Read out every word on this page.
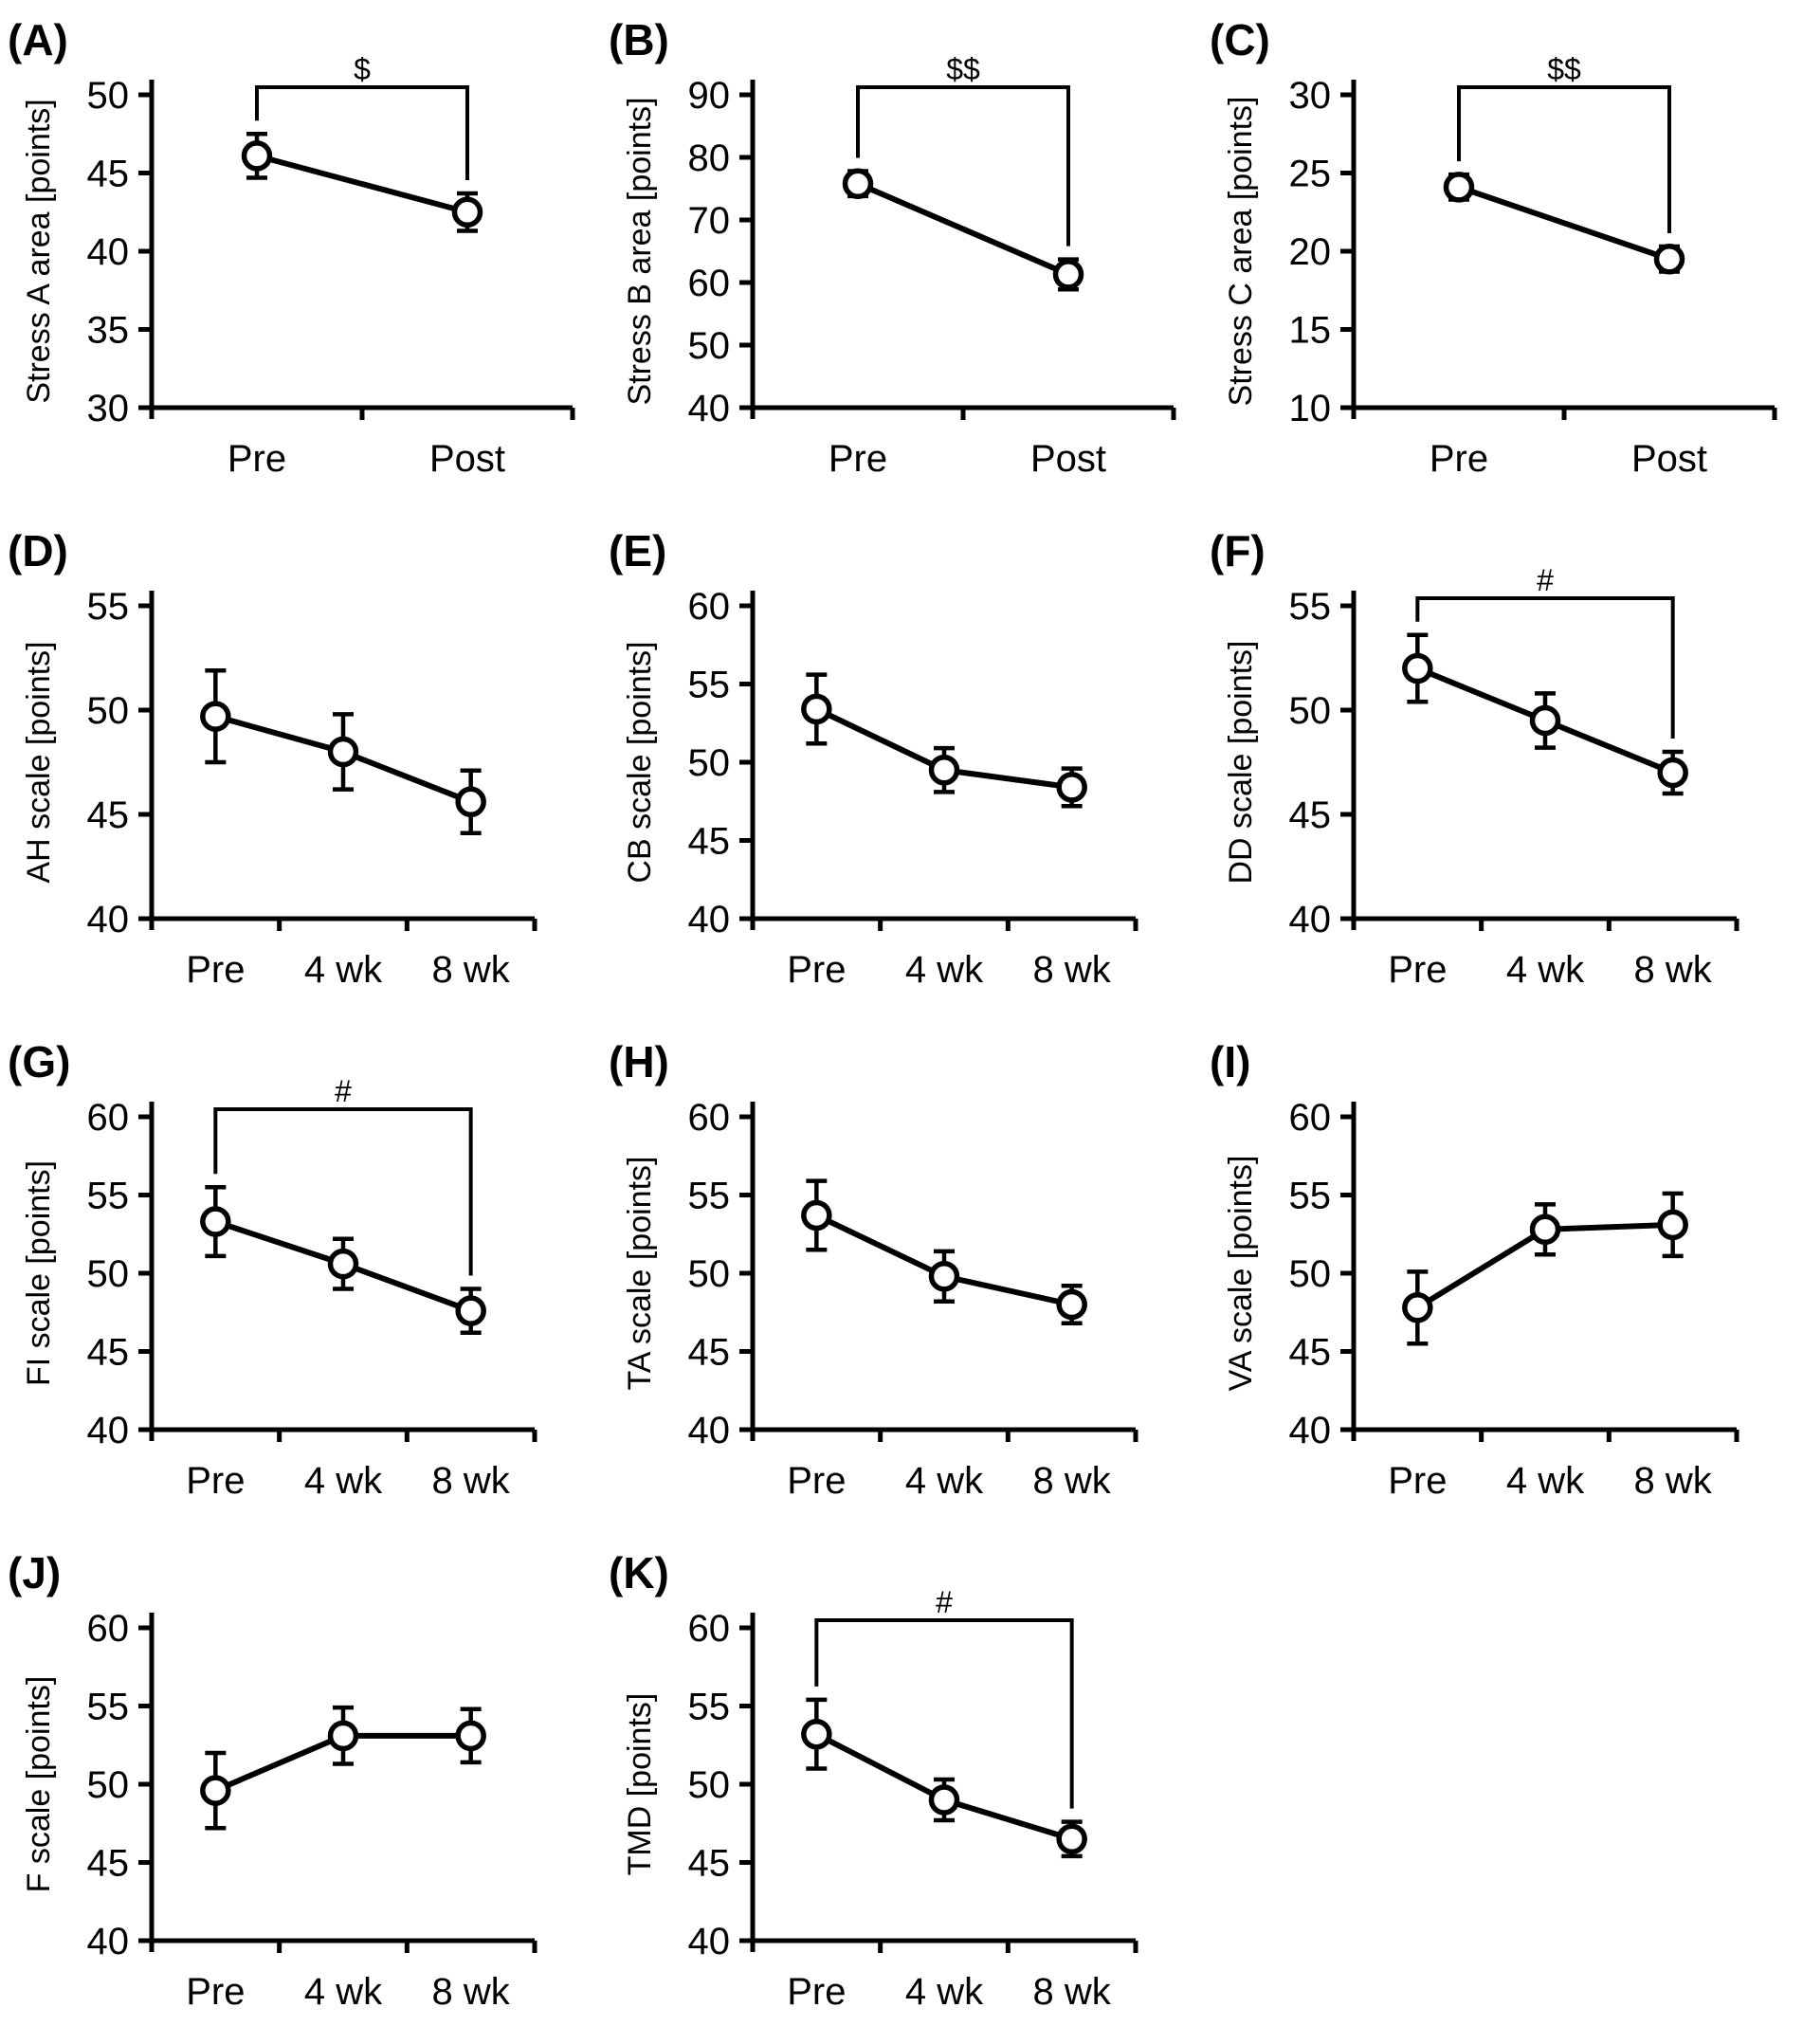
(A)
Stress A area [points]
30
35
40
45
50
Pre	Post
$
(B)
Stress B area [points]
40
50
60
70
80
90
Pre	Post
$$
(C)
Stress C area [points]
10
15
20
25
30
Pre	Post
$$
(D)
AH scale [points]
40
45
50
55
Pre 4 wk 8 wk
(E)
CB scale [points]
40
45
50
55
60
Pre 4 wk 8 wk
(F)
DD scale [points]
40
45
50
55
Pre 4 wk 8 wk
#
(G)
FI scale [points]
40
45
50
55
60
Pre 4 wk 8 wk
#
(H)
TA scale [points]
40
45
50
55
60
Pre 4 wk 8 wk
(I)
VA scale [points]
40
45
50
55
60
Pre 4 wk 8 wk
(J)
F scale [points]
40
45
50
55
60
Pre 4 wk 8 wk
(K)
TMD [points]
40
45
50
55
60
Pre 4 wk 8 wk
#
